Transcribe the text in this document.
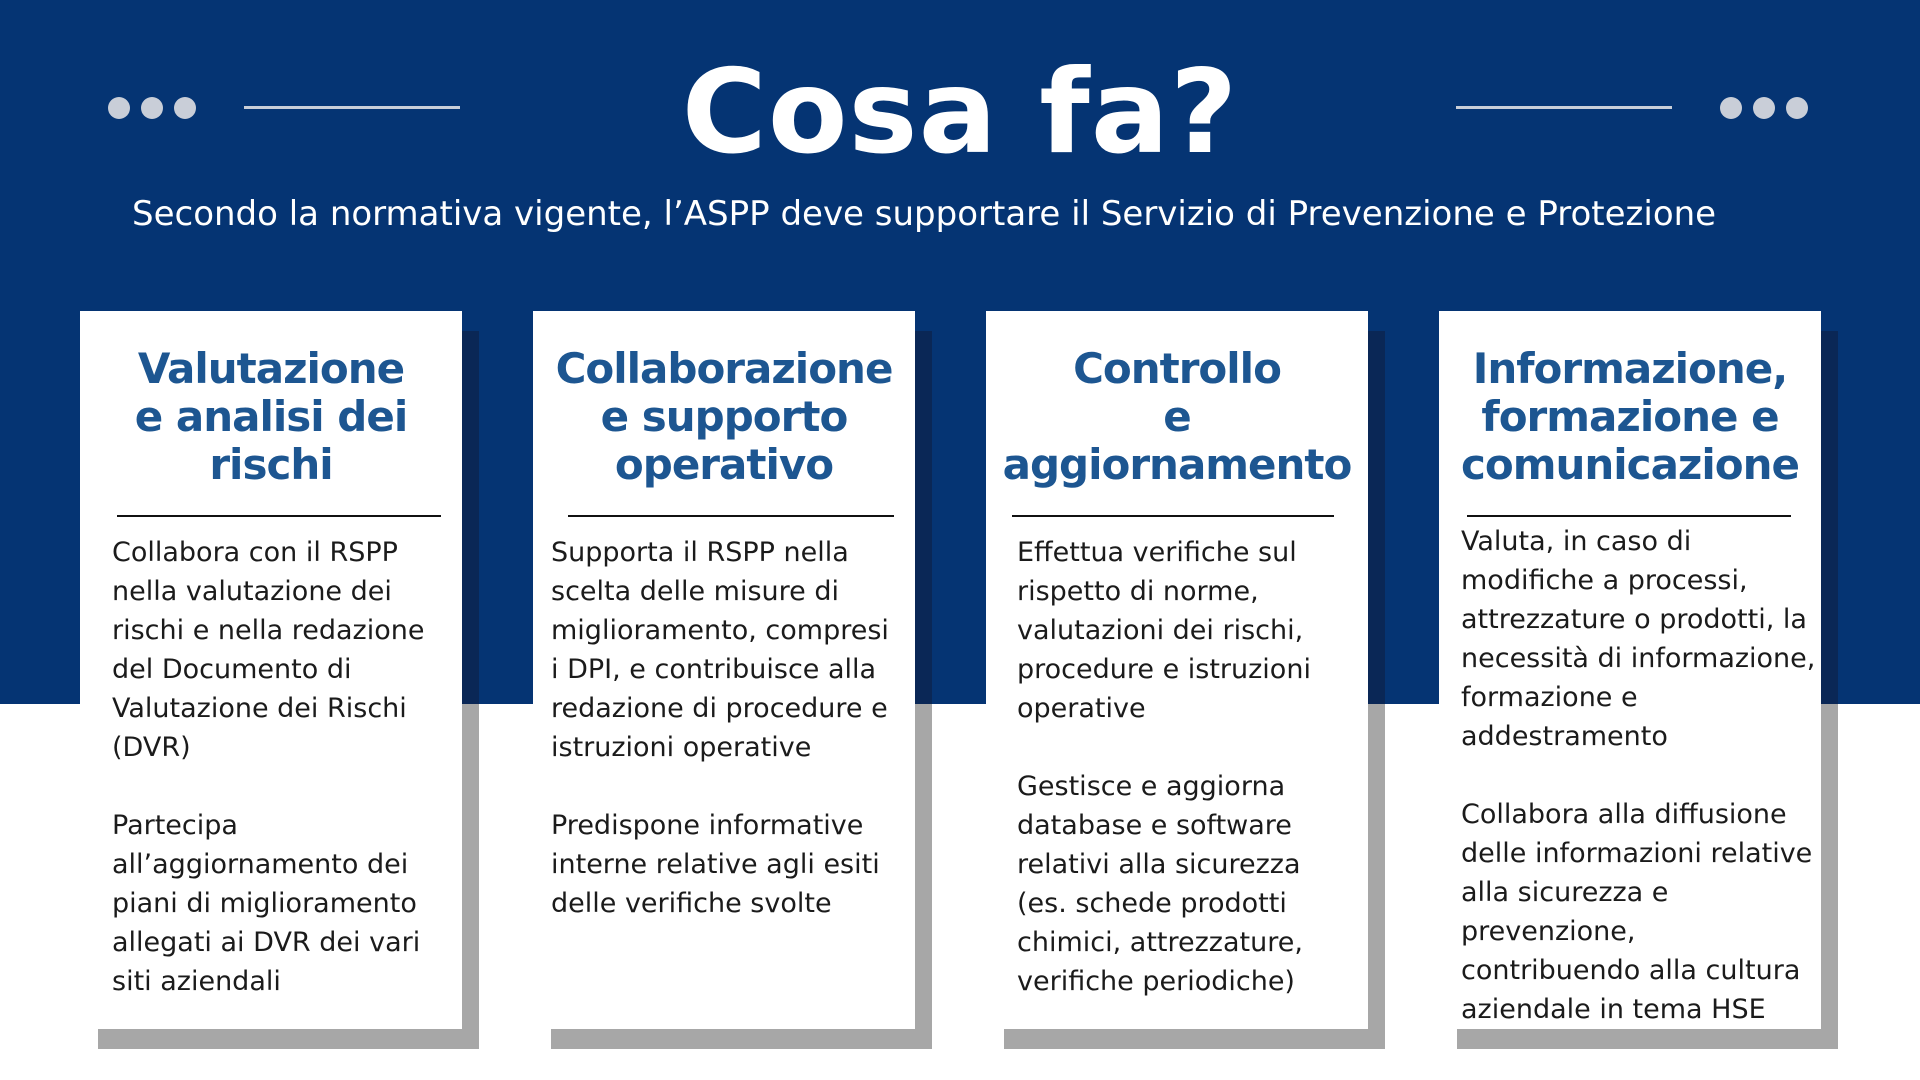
Cosa fa?
Secondo la normativa vigente, l’ASPP deve supportare il Servizio di Prevenzione e Protezione
Valutazione
e analisi dei
rischi

Collabora con il RSPP nella valutazione dei rischi e nella redazione del Documento di Valutazione dei Rischi (DVR)

Partecipa all’aggiornamento dei piani di miglioramento allegati ai DVR dei vari siti aziendali

Collaborazione
e supporto
operativo

Supporta il RSPP nella scelta delle misure di miglioramento, compresi i DPI, e contribuisce alla redazione di procedure e istruzioni operative

Predispone informative interne relative agli esiti delle verifiche svolte

Controllo
e
aggiornamento

Effettua verifiche sul rispetto di norme, valutazioni dei rischi, procedure e istruzioni operative

Gestisce e aggiorna database e software relativi alla sicurezza (es. schede prodotti chimici, attrezzature, verifiche periodiche)

Informazione,
formazione e
comunicazione

Valuta, in caso di modifiche a processi, attrezzature o prodotti, la necessità di informazione, formazione e addestramento

Collabora alla diffusione delle informazioni relative alla sicurezza e prevenzione, contribuendo alla cultura aziendale in tema HSE
